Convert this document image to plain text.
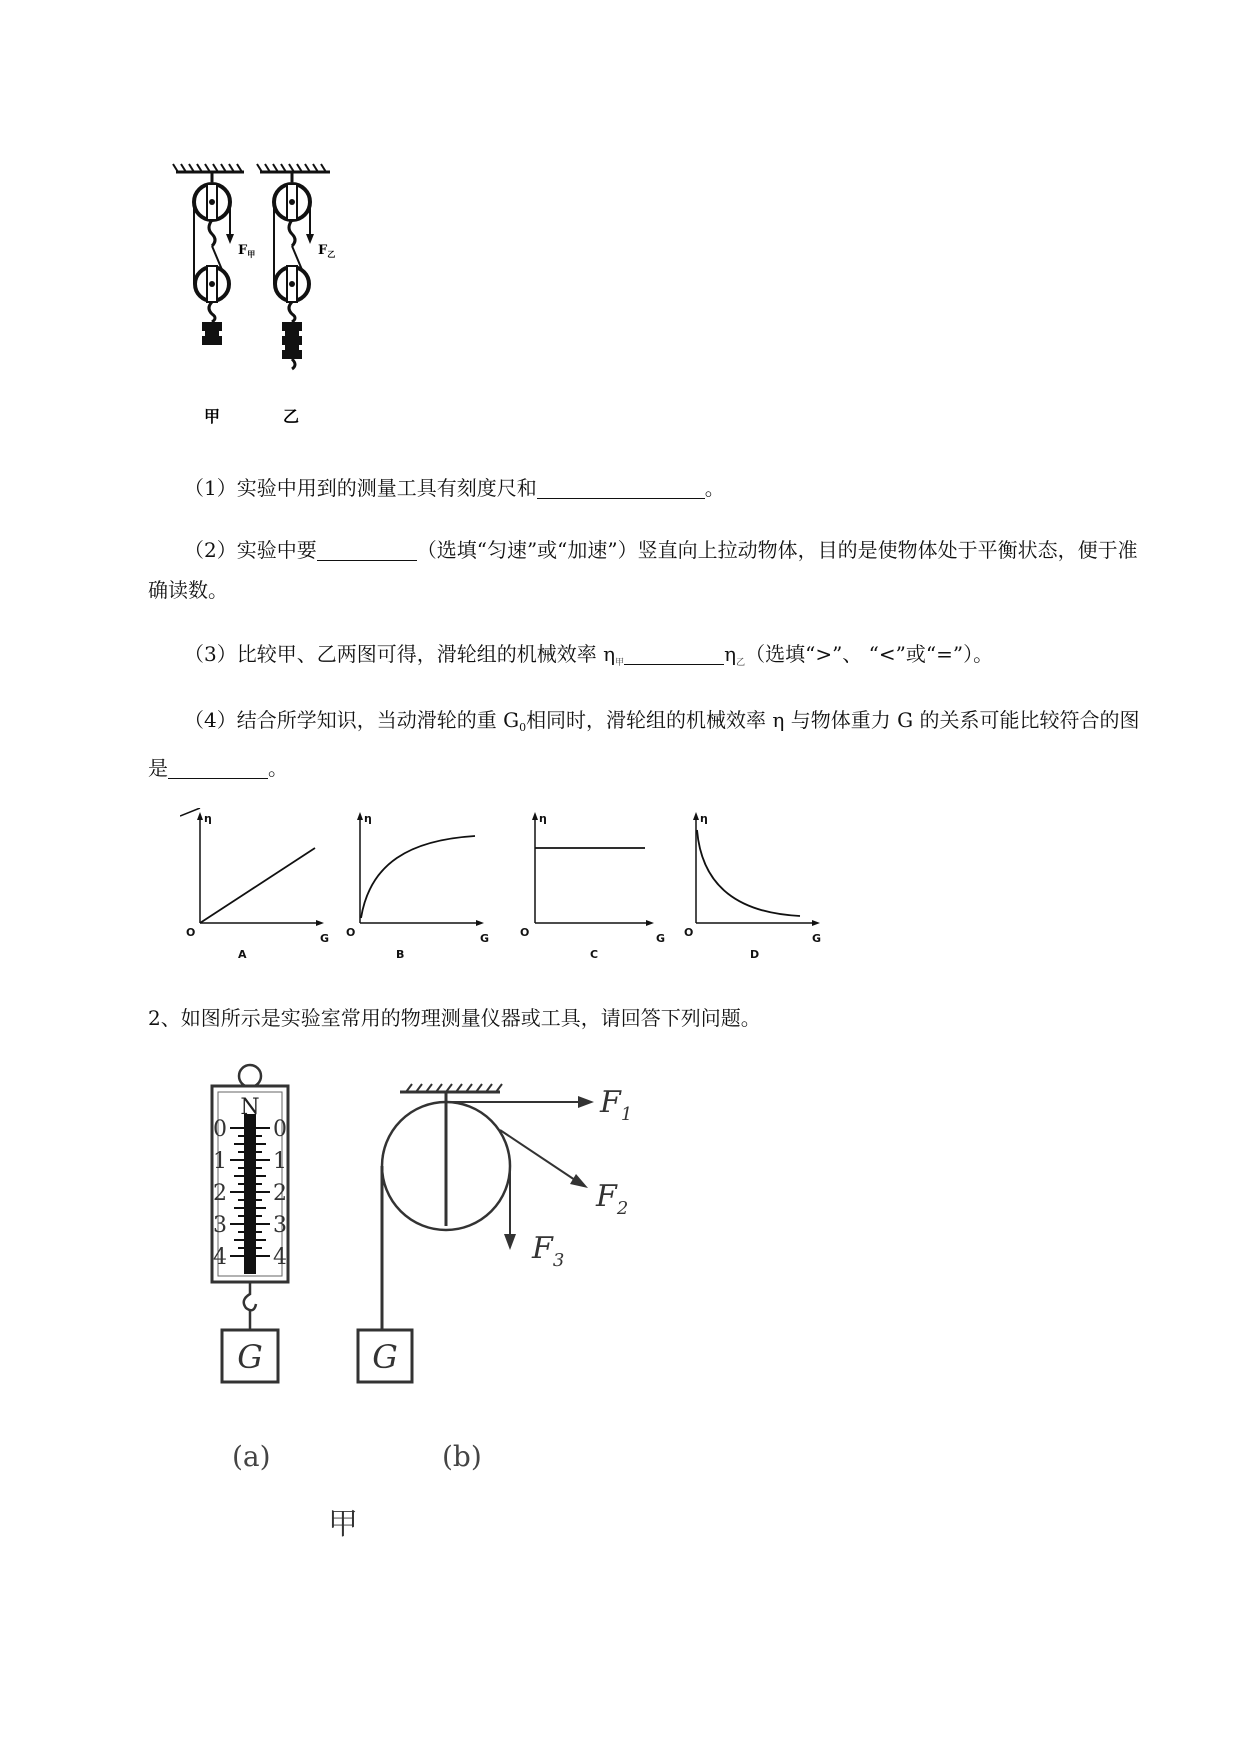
$F_甲$	$F_乙$
甲	乙
（1）实验中用到的测量工具有刻度尺和	。
（2）实验中要	（选填“匀速”或“加速”）竖直向上拉动物体，目的是使物体处于平衡状态，便于准确读数。
（3）比较甲、乙两图可得，滑轮组的机械效率 $\eta_甲$	$\eta_乙$（选填“>”、 “<”或“=”）。
（4）结合所学知识，当动滑轮的重 $G_0$相同时，滑轮组的机械效率 η 与物体重力 G 的关系可能比较符合的图是	。
η
O	G
A
η
O	G
B
η
O	G
C
η
O	G
D
2、如图所示是实验室常用的物理测量仪器或工具，请回答下列问题。
N
0
1
2
3
4
0
1
2
3
4
G
(a)
G
$F_1$
$F_2$
$F_3$
(b)
甲
